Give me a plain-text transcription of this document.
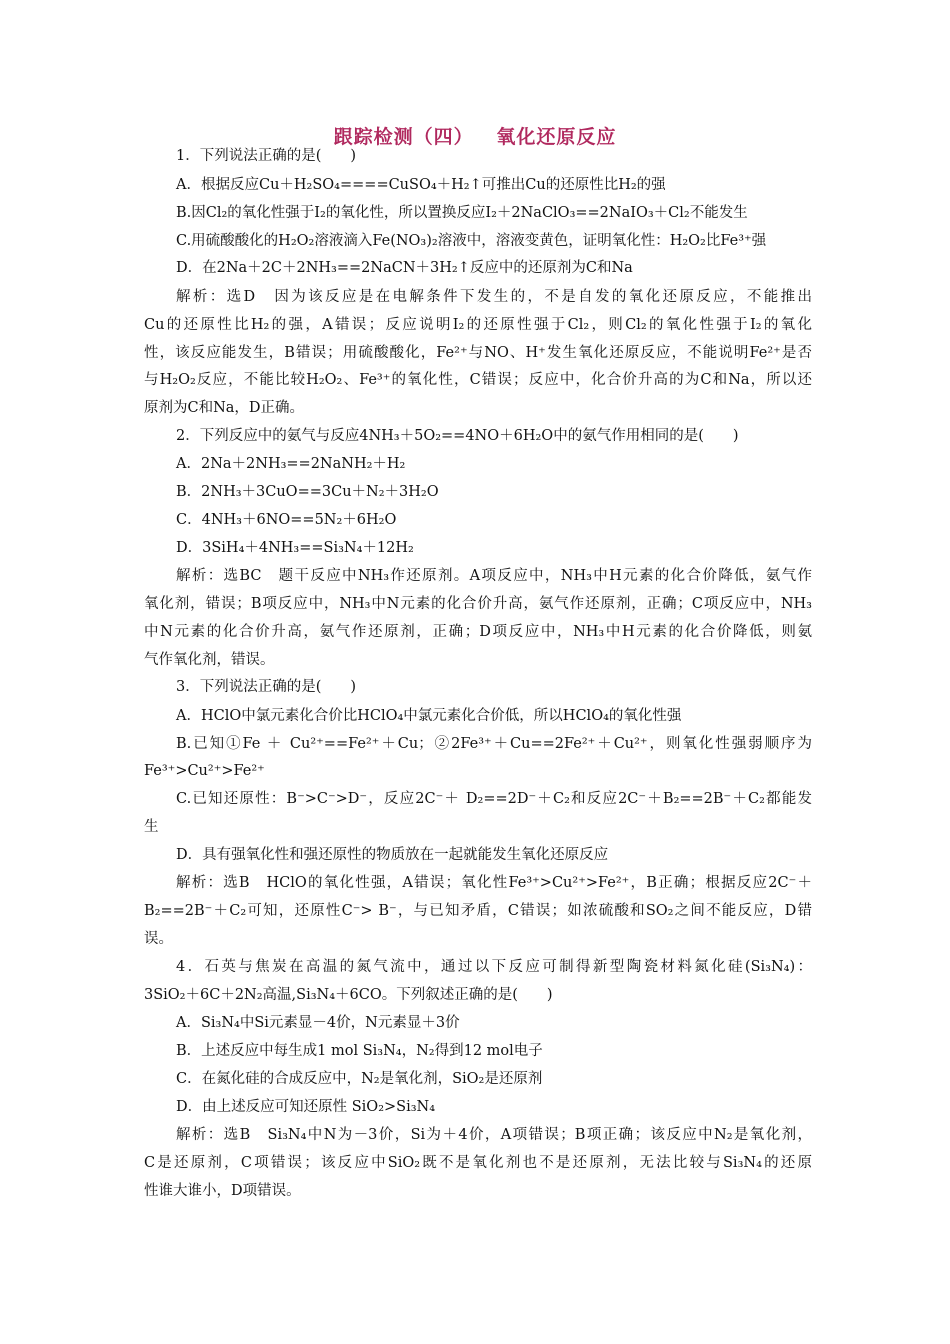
跟踪检测（四）   氧化还原反应
1．下列说法正确的是(　　)
A．根据反应Cu＋H₂SO₄====CuSO₄＋H₂↑可推出Cu的还原性比H₂的强
B.因Cl₂的氧化性强于I₂的氧化性，所以置换反应I₂＋2NaClO₃==2NaIO₃＋Cl₂不能发生
C.用硫酸酸化的H₂O₂溶液滴入Fe(NO₃)₂溶液中，溶液变黄色，证明氧化性：H₂O₂比Fe³⁺强
D．在2Na＋2C＋2NH₃==2NaCN＋3H₂↑反应中的还原剂为C和Na
解析：选D　因为该反应是在电解条件下发生的，不是自发的氧化还原反应，不能推出
Cu的还原性比H₂的强，A错误；反应说明I₂的还原性强于Cl₂，则Cl₂的氧化性强于I₂的氧化
性，该反应能发生，B错误；用硫酸酸化，Fe²⁺与NO、H⁺发生氧化还原反应，不能说明Fe²⁺是否
与H₂O₂反应，不能比较H₂O₂、Fe³⁺的氧化性，C错误；反应中，化合价升高的为C和Na，所以还
原剂为C和Na，D正确。
2．下列反应中的氨气与反应4NH₃＋5O₂==4NO＋6H₂O中的氨气作用相同的是(　　)
A．2Na＋2NH₃==2NaNH₂＋H₂
B．2NH₃＋3CuO==3Cu＋N₂＋3H₂O
C．4NH₃＋6NO==5N₂＋6H₂O
D．3SiH₄＋4NH₃==Si₃N₄＋12H₂
解析：选BC　题干反应中NH₃作还原剂。A项反应中，NH₃中H元素的化合价降低，氨气作
氧化剂，错误；B项反应中，NH₃中N元素的化合价升高，氨气作还原剂，正确；C项反应中，NH₃
中N元素的化合价升高，氨气作还原剂，正确；D项反应中，NH₃中H元素的化合价降低，则氨
气作氧化剂，错误。
3．下列说法正确的是(　　)
A．HClO中氯元素化合价比HClO₄中氯元素化合价低，所以HClO₄的氧化性强
B.已知①Fe ＋ Cu²⁺==Fe²⁺＋Cu；②2Fe³⁺＋Cu==2Fe²⁺＋Cu²⁺，则氧化性强弱顺序为
Fe³⁺>Cu²⁺>Fe²⁺
C.已知还原性：B⁻>C⁻>D⁻，反应2C⁻＋ D₂==2D⁻＋C₂和反应2C⁻＋B₂==2B⁻＋C₂都能发
生
D．具有强氧化性和强还原性的物质放在一起就能发生氧化还原反应
解析：选B　HClO的氧化性强，A错误；氧化性Fe³⁺>Cu²⁺>Fe²⁺，B正确；根据反应2C⁻＋
B₂==2B⁻＋C₂可知，还原性C⁻> B⁻，与已知矛盾，C错误；如浓硫酸和SO₂之间不能反应，D错
误。
4．石英与焦炭在高温的氮气流中，通过以下反应可制得新型陶瓷材料氮化硅(Si₃N₄)：
3SiO₂＋6C＋2N₂高温,Si₃N₄＋6CO。下列叙述正确的是(　　)
A．Si₃N₄中Si元素显－4价，N元素显＋3价
B．上述反应中每生成1 mol Si₃N₄，N₂得到12 mol电子
C．在氮化硅的合成反应中，N₂是氧化剂，SiO₂是还原剂
D．由上述反应可知还原性 SiO₂>Si₃N₄
解析：选B　Si₃N₄中N为－3价，Si为＋4价，A项错误；B项正确；该反应中N₂是氧化剂，
C是还原剂，C项错误；该反应中SiO₂既不是氧化剂也不是还原剂，无法比较与Si₃N₄的还原
性谁大谁小，D项错误。
